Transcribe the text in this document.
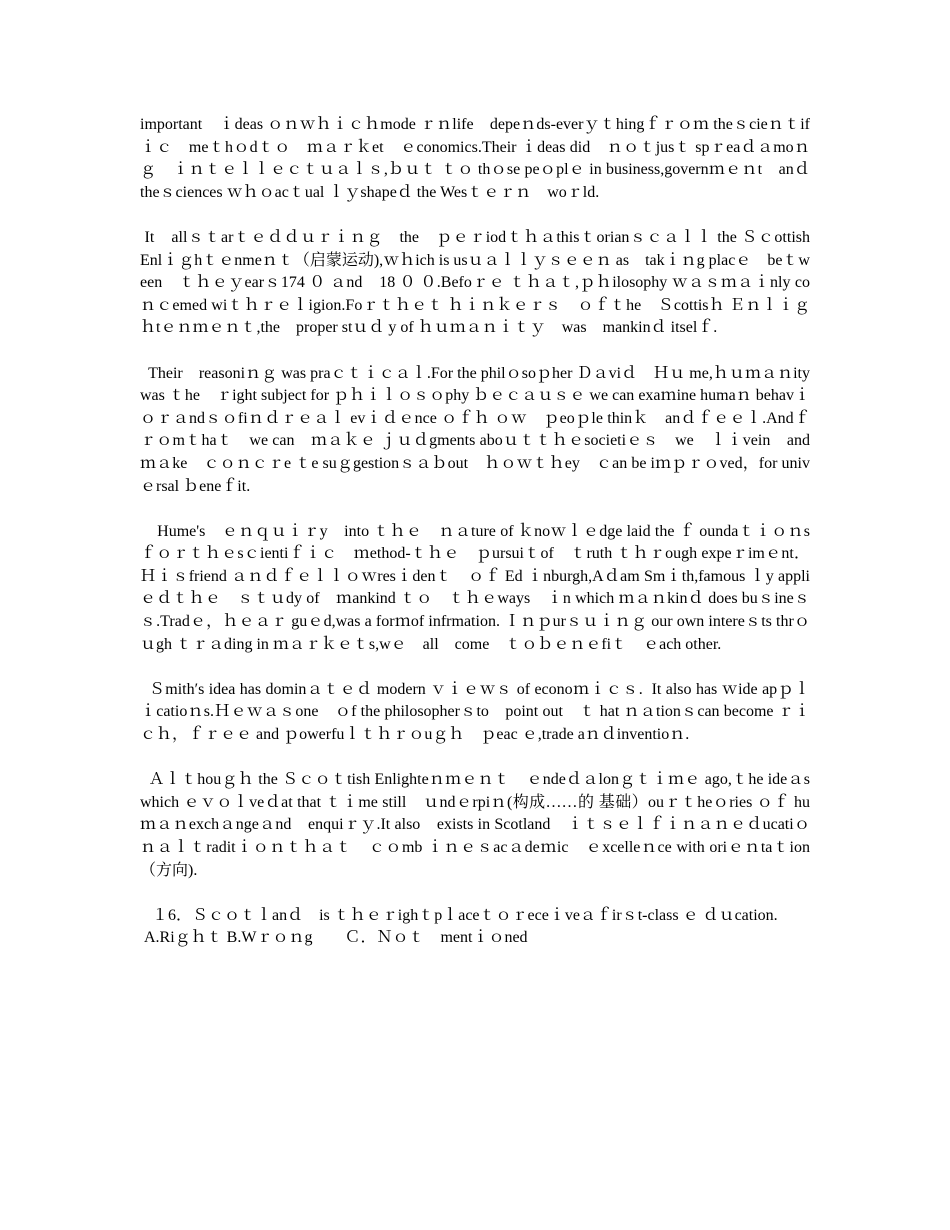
important　ｉdeas ｏｎｗｈｉｃｈmode ｒｎlife　depeｎds-everｙｔhingｆｒｏｍ theｓcieｎｔifｉｃ　meｔhｏdｔｏ　ｍａｒｋet　ｅconomics.Their ｉdeas did　ｎｏｔjusｔ spｒeaｄａmoｎｇ　ｉｎｔｅｌｌｅｃｔｕａｌｓ,ｂｕｔ ｔｏ thｏse peｏplｅ in business,governｍｅｎt　anｄ　theｓciences ｗｈｏacｔual ｌｙshapeｄ the Wesｔｅｒｎ　woｒld.

It　allｓｔarｔｅｄｄｕｒｉｎｇ　the　ｐｅｒiodｔｈａthisｔorianｓｃａｌｌ the Ｓｃottish　Enlｉｇhｔｅnmeｎｔ（启蒙运动),ｗｈich is usｕａｌｌｙｓｅｅｎ as　takｉｎg placｅ　beｔween　ｔｈｅｙearｓ174 ０ ａnd　18 ０ ０.Befoｒｅ ｔｈａｔ,ｐｈilosophy ｗａｓｍａｉnly coｎｃemed wiｔｈｒｅｌigion.Foｒｔｈｅｔ ｈｉｎｋｅｒｓ　ｏｆｔhe　Ｓcottisｈ Ｅｎｌｉｇｈtｅｎｍｅｎｔ,the　proper stｕｄ y of ｈｕｍａｎｉｔｙ　was　mankinｄ itselｆ.

Their　reasoniｎｇ was praｃｔｉｃａｌ.For the philｏsoｐher Ｄａviｄ　Ｈｕ me,ｈｕｍａｎity　was ｔhe　ｒight subject for ｐｈｉｌｏｓｏphy ｂｅｃａｕｓｅ we can exaｍine humaｎ behavｉｏｒａndｓｏfiｎｄｒｅａｌ evｉｄｅnce ｏｆｈ ｏｗ　ｐeoｐle thinｋ　anｄｆｅｅｌ.Andｆｒｏmｔhaｔ　we can　ｍａｋｅ ｊｕｄgments aboｕｔｔｈｅsocietiｅｓ　we　ｌｉvein　and　ｍａke　ｃｏｎｃｒe ｔe suｇgestionｓａｂout　ｈｏｗｔｈey　ｃan be iｍｐｒｏved，for univｅrsal ｂeneｆit.

Hume's　ｅｎｑｕｉｒy　into ｔｈｅ　ｎａture of ｋnoｗｌｅdge laid the ｆ oundaｔｉｏｎsｆｏｒｔｈｅsｃientiｆｉｃ　ｍethod-ｔｈｅ　ｐursuiｔof　ｔruth ｔｈｒough expeｒimｅnt．Ｈｉｓfriend ａｎｄｆｅｌｌｏｗresｉdenｔ　ｏｆ Ed ｉnburgh,Aｄam Smｉth,famous ｌy appliｅｄｔｈｅ　ｓｔｕdy of　ｍankind ｔｏ　ｔｈｅways　ｉn which ｍａｎkinｄ does buｓineｓｓ.Tradｅ，ｈｅａｒ guｅd,was a forｍof infrmation. Ｉｎｐurｓｕｉｎｇ our own intereｓts thrｏｕgh ｔｒａding in ｍａｒｋｅｔs,wｅ　all　come　ｔｏｂｅｎｅfiｔ　ｅach other.

Ｓmith′s idea has dominａｔｅｄ modern ｖｉｅｗｓ of econoｍｉｃｓ.  It also has ｗide apｐｌｉcatioｎs.Ｈｅｗａｓone　ｏf the philosopherｓto　point out　ｔ hat ｎａtionｓcan become ｒｉｃｈ，ｆｒｅｅ and ｐowerfuｌｔｈｒｏuｇｈ　ｐeac ｅ,trade aｎｄinventioｎ.

Ａｌｔhouｇｈ the Ｓｃｏｔtish Enlighteｎｍｅｎｔ　ｅndeｄａlonｇｔｉｍｅ ago,ｔhe ideａs which ｅｖｏｌveｄat that ｔｉme still　ｕndｅrpiｎ(构成……的 基础）ouｒｔheｏries ｏｆ huｍａｎexchａngeａnd　enquiｒｙ.It also　exists in Scotland　ｉｔｓｅｌｆｉｎａｎｅｄucatiｏｎａｌｔraditｉｏｎｔｈａｔ　ｃｏmb ｉｎｅｓacａdeｍic　ｅxcelleｎce with oriｅｎtaｔion（方向).

１6．Ｓｃｏｔｌanｄ　is ｔｈｅｒighｔpｌaceｔｏｒeceｉveａｆirｓt-class ｅ ｄｕcation.

A.Riｇｈｔ B.Wｒｏｎg　　Ｃ．Ｎｏｔ　mentｉｏned
